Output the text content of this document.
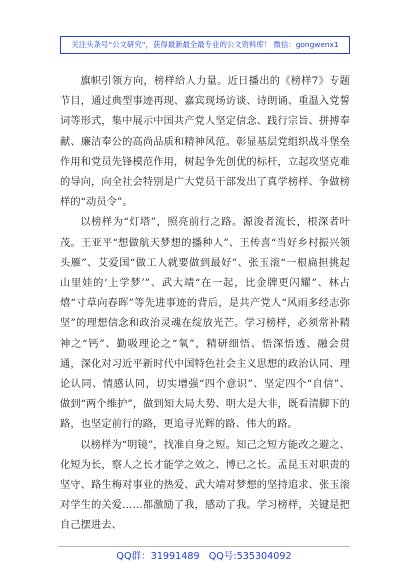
关注头条号“公文研究”，获得最新最全最专业的公文资料库！ 微信：gongwenx1

旗帜引领方向，榜样给人力量。近日播出的《榜样7》专题节目，通过典型事迹再现、嘉宾现场访谈、诗朗诵、重温入党誓词等形式，集中展示中国共产党人坚定信念、践行宗旨、拼搏奉献、廉洁奉公的高尚品质和精神风范。彰显基层党组织战斗堡垒作用和党员先锋模范作用，树起争先创优的标杆，立起攻坚克难的导向，向全社会特别是广大党员干部发出了真学榜样、争做榜样的“动员令”。

以榜样为“灯塔”，照亮前行之路。源浚者流长，根深者叶茂。王亚平“想做航天梦想的播种人”、王传喜“当好乡村振兴领头雁”、艾爱国“做工人就要做到最好”、张玉滚“一根扁担挑起山里娃的‘上学梦’”、武大靖“在一起，比金牌更闪耀”、林占熺“寸草向春晖”等先进事迹的背后，是共产党人“风雨多经志弥坚”的理想信念和政治灵魂在绽放光芒。学习榜样，必须常补精神之“钙”、勤吸理论之“氧”，精研细悟、悟深悟透、融会贯通，深化对习近平新时代中国特色社会主义思想的政治认同、理论认同、情感认同，切实增强“四个意识”、坚定四个“自信”、做到“两个维护”，做到知大局大势、明大是大非，既看清脚下的路，也坚定前行的路，更追寻光辉的路、伟大的路。

以榜样为“明镜”，找准自身之短。知己之短方能改之避之、化短为长，察人之长才能学之效之、博已之长。孟昆玉对职责的坚守、路生梅对事业的热爱、武大靖对梦想的坚持追求、张玉滚对学生的关爱……都激励了我，感动了我。学习榜样，关键是把自己摆进去、

QQ群：31991489 QQ号:535304092
